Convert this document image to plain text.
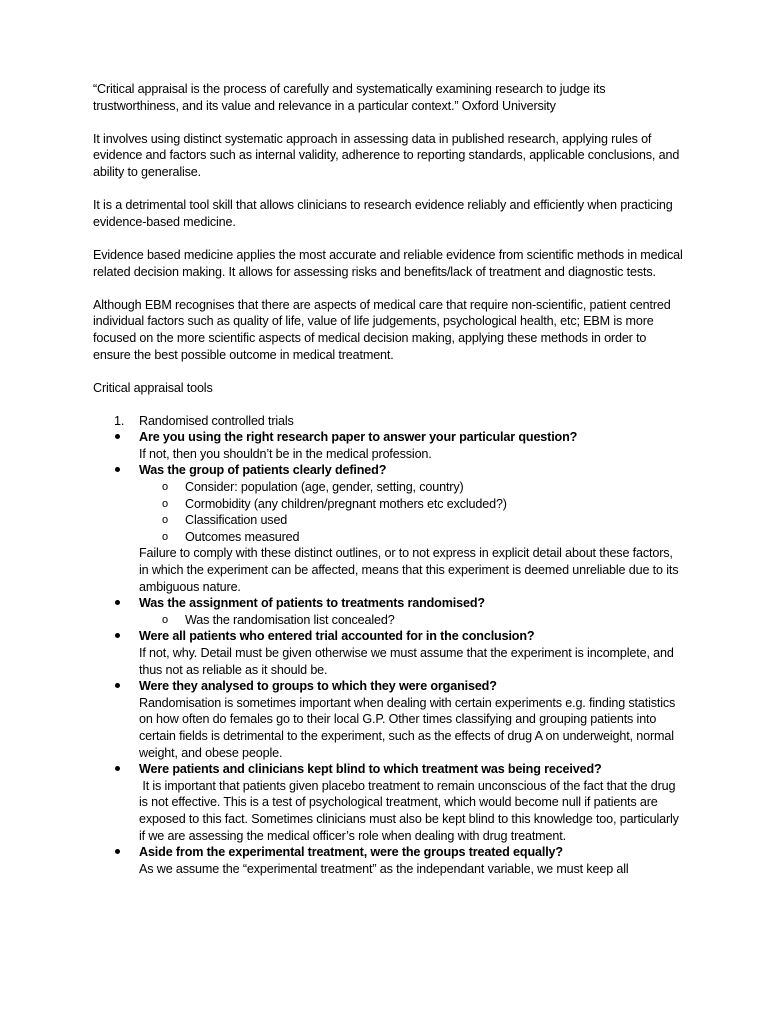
“Critical appraisal is the process of carefully and systematically examining research to judge its trustworthiness, and its value and relevance in a particular context.” Oxford University

It involves using distinct systematic approach in assessing data in published research, applying rules of evidence and factors such as internal validity, adherence to reporting standards, applicable conclusions, and ability to generalise.

It is a detrimental tool skill that allows clinicians to research evidence reliably and efficiently when practicing evidence-based medicine.

Evidence based medicine applies the most accurate and reliable evidence from scientific methods in medical related decision making. It allows for assessing risks and benefits/lack of treatment and diagnostic tests.

Although EBM recognises that there are aspects of medical care that require non-scientific, patient centred individual factors such as quality of life, value of life judgements, psychological health, etc; EBM is more focused on the more scientific aspects of medical decision making, applying these methods in order to ensure the best possible outcome in medical treatment.

Critical appraisal tools

1.	Randomised controlled trials
Are you using the right research paper to answer your particular question?
If not, then you shouldn’t be in the medical profession.
Was the group of patients clearly defined?
o	Consider: population (age, gender, setting, country)
o	Cormobidity (any children/pregnant mothers etc excluded?)
o	Classification used
o	Outcomes measured
Failure to comply with these distinct outlines, or to not express in explicit detail about these factors, in which the experiment can be affected, means that this experiment is deemed unreliable due to its ambiguous nature.
Was the assignment of patients to treatments randomised?
o	Was the randomisation list concealed?
Were all patients who entered trial accounted for in the conclusion?
If not, why. Detail must be given otherwise we must assume that the experiment is incomplete, and thus not as reliable as it should be.
Were they analysed to groups to which they were organised?
Randomisation is sometimes important when dealing with certain experiments e.g. finding statistics on how often do females go to their local G.P. Other times classifying and grouping patients into certain fields is detrimental to the experiment, such as the effects of drug A on underweight, normal weight, and obese people.
Were patients and clinicians kept blind to which treatment was being received?
It is important that patients given placebo treatment to remain unconscious of the fact that the drug is not effective. This is a test of psychological treatment, which would become null if patients are exposed to this fact. Sometimes clinicians must also be kept blind to this knowledge too, particularly if we are assessing the medical officer’s role when dealing with drug treatment.
Aside from the experimental treatment, were the groups treated equally?
As we assume the “experimental treatment” as the independant variable, we must keep all
